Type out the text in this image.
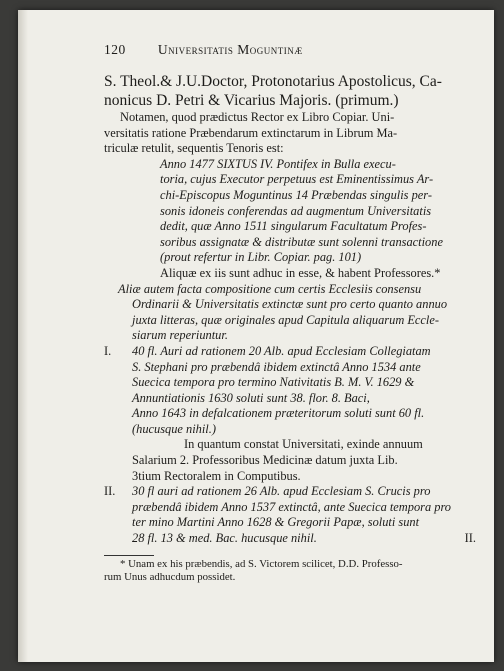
120 Universitatis Moguntinæ

S. Theol.& J.U.Doctor, Protonotarius Apostolicus, Ca-

nonicus D. Petri & Vicarius Majoris. (primum.)

Notamen, quod prædictus Rector ex Libro Copiar. Uni-

versitatis ratione Præbendarum extinctarum in Librum Ma-

triculæ retulit, sequentis Tenoris est:

Anno 1477 SIXTUS IV. Pontifex in Bulla execu-

toria, cujus Executor perpetuus est Eminentissimus Ar-

chi-Episcopus Moguntinus 14 Præbendas singulis per-

sonis idoneis conferendas ad augmentum Universitatis

dedit, quæ Anno 1511 singularum Facultatum Profes-

soribus assignatæ & distributæ sunt solenni transactione

(prout refertur in Libr. Copiar. pag. 101)

Aliquæ ex iis sunt adhuc in esse, & habent Professores.*

Aliæ autem facta compositione cum certis Ecclesiis consensu

Ordinarii & Universitatis extinctæ sunt pro certo quanto annuo

juxta litteras, quæ originales apud Capitula aliquarum Eccle-

siarum reperiuntur.

I. 40 fl. Auri ad rationem 20 Alb. apud Ecclesiam Collegiatam

S. Stephani pro præbendâ ibidem extinctâ Anno 1534 ante

Suecica tempora pro termino Nativitatis B. M. V. 1629 &

Annuntiationis 1630 soluti sunt 38. flor. 8. Baci,

Anno 1643 in defalcationem præteritorum soluti sunt 60 fl.

(hucusque nihil.)

In quantum constat Universitati, exinde annuum

Salarium 2. Professoribus Medicinæ datum juxta Lib.

3tium Rectoralem in Computibus.

II. 30 fl auri ad rationem 26 Alb. apud Ecclesiam S. Crucis pro

præbendâ ibidem Anno 1537 extinctâ, ante Suecica tempora pro

ter mino Martini Anno 1628 & Gregorii Papæ, soluti sunt

28 fl. 13 & med. Bac. hucusque nihil.	II.

* Unam ex his præbendis, ad S. Victorem scilicet, D.D. Professo-

rum Unus adhucdum possidet.
